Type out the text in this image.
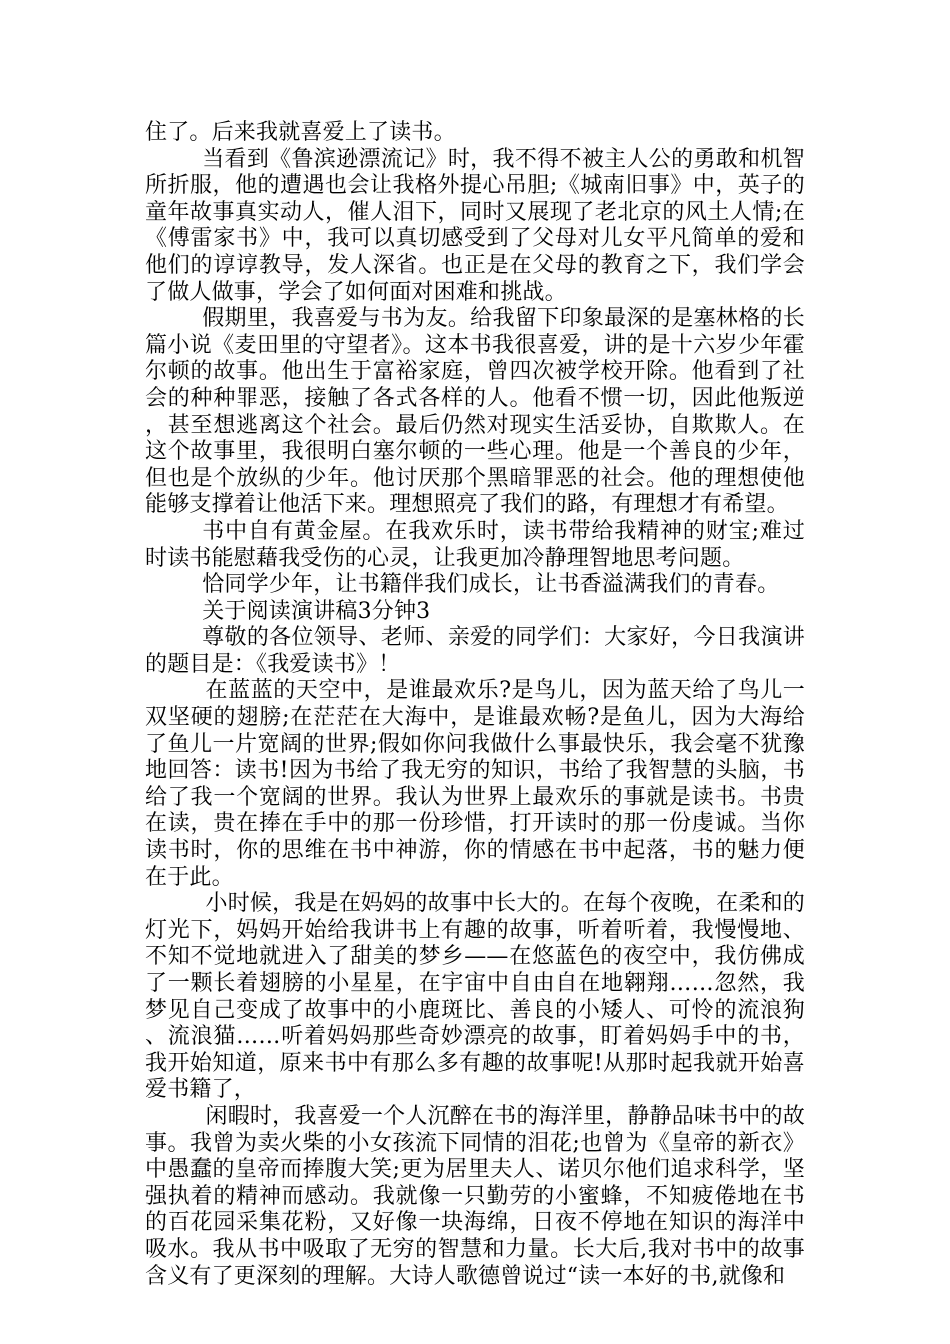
住了。后来我就喜爱上了读书。

当看到《鲁滨逊漂流记》时，我不得不被主人公的勇敢和机智所折服，他的遭遇也会让我格外提心吊胆;《城南旧事》中，英子的童年故事真实动人，催人泪下，同时又展现了老北京的风土人情;在《傅雷家书》中，我可以真切感受到了父母对儿女平凡简单的爱和他们的谆谆教导，发人深省。也正是在父母的教育之下，我们学会了做人做事，学会了如何面对困难和挑战。

假期里，我喜爱与书为友。给我留下印象最深的是塞林格的长篇小说《麦田里的守望者》。这本书我很喜爱，讲的是十六岁少年霍尔顿的故事。他出生于富裕家庭，曾四次被学校开除。他看到了社会的种种罪恶，接触了各式各样的人。他看不惯一切，因此他叛逆，甚至想逃离这个社会。最后仍然对现实生活妥协，自欺欺人。在这个故事里，我很明白塞尔顿的一些心理。他是一个善良的少年，但也是个放纵的少年。他讨厌那个黑暗罪恶的社会。他的理想使他能够支撑着让他活下来。理想照亮了我们的路，有理想才有希望。

书中自有黄金屋。在我欢乐时，读书带给我精神的财宝;难过时读书能慰藉我受伤的心灵，让我更加冷静理智地思考问题。

恰同学少年，让书籍伴我们成长，让书香溢满我们的青春。

关于阅读演讲稿3分钟3

尊敬的各位领导、老师、亲爱的同学们：大家好，今日我演讲的题目是：《我爱读书》！

在蓝蓝的天空中，是谁最欢乐?是鸟儿，因为蓝天给了鸟儿一双坚硬的翅膀;在茫茫在大海中，是谁最欢畅?是鱼儿，因为大海给了鱼儿一片宽阔的世界;假如你问我做什么事最快乐，我会毫不犹豫地回答：读书!因为书给了我无穷的知识，书给了我智慧的头脑，书给了我一个宽阔的世界。我认为世界上最欢乐的事就是读书。书贵在读，贵在捧在手中的那一份珍惜，打开读时的那一份虔诚。当你读书时，你的思维在书中神游，你的情感在书中起落，书的魅力便在于此。

小时候，我是在妈妈的故事中长大的。在每个夜晚，在柔和的灯光下，妈妈开始给我讲书上有趣的故事，听着听着，我慢慢地、不知不觉地就进入了甜美的梦乡——在悠蓝色的夜空中，我仿佛成了一颗长着翅膀的小星星，在宇宙中自由自在地翱翔……忽然，我梦见自己变成了故事中的小鹿斑比、善良的小矮人、可怜的流浪狗、流浪猫……听着妈妈那些奇妙漂亮的故事，盯着妈妈手中的书，我开始知道，原来书中有那么多有趣的故事呢!从那时起我就开始喜爱书籍了，

闲暇时，我喜爱一个人沉醉在书的海洋里，静静品味书中的故事。我曾为卖火柴的小女孩流下同情的泪花;也曾为《皇帝的新衣》中愚蠢的皇帝而捧腹大笑;更为居里夫人、诺贝尔他们追求科学，坚强执着的精神而感动。我就像一只勤劳的小蜜蜂，不知疲倦地在书的百花园采集花粉，又好像一块海绵，日夜不停地在知识的海洋中吸水。我从书中吸取了无穷的智慧和力量。长大后,我对书中的故事含义有了更深刻的理解。大诗人歌德曾说过“读一本好的书,就像和
